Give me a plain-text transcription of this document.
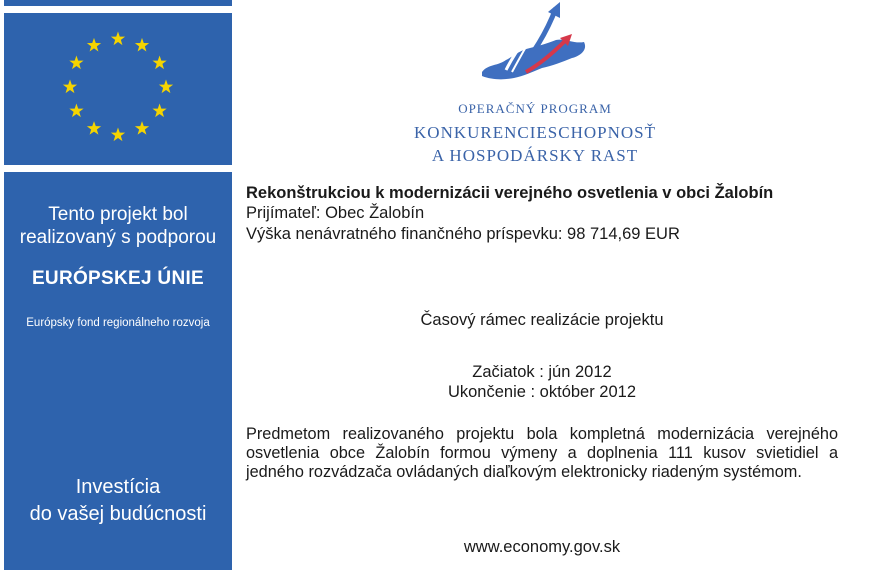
Tento projekt bol
realizovaný s podporou
EURÓPSKEJ ÚNIE
Európsky fond regionálneho rozvoja
Investícia
do vašej budúcnosti
OPERAČNÝ PROGRAM
KONKURENCIESCHOPNOSŤ
A HOSPODÁRSKY RAST
Rekonštrukciou k modernizácii verejného osvetlenia v obci Žalobín
Prijímateľ: Obec Žalobín
Výška nenávratného finančného príspevku: 98 714,69 EUR
Časový rámec realizácie projektu
Začiatok : jún 2012
Ukončenie : október 2012
Predmetom realizovaného projektu bola kompletná modernizácia verejného osvetlenia obce Žalobín formou výmeny a doplnenia 111 kusov svietidiel a jedného rozvádzača ovládaných diaľkovým elektronicky riadeným systémom.
www.economy.gov.sk
